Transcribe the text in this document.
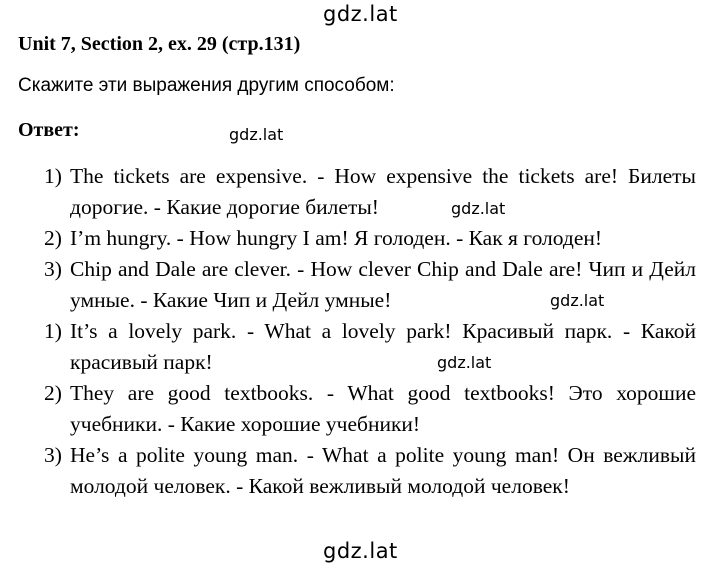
gdz.lat
Unit 7, Section 2, ex. 29 (стр.131)
Скажите эти выражения другим способом:
Ответ:	gdz.lat
1) The tickets are expensive. - How expensive the tickets are! Билеты дорогие. - Какие дорогие билеты!
2) I’m hungry. - How hungry I am! Я голоден. - Как я голоден!
3) Chip and Dale are clever. - How clever Chip and Dale are! Чип и Дейл умные. - Какие Чип и Дейл умные!
1) It’s a lovely park. - What a lovely park! Красивый парк. - Какой красивый парк!
2) They are good textbooks. - What good textbooks! Это хорошие учебники. - Какие хорошие учебники!
3) He’s a polite young man. - What a polite young man! Он вежливый молодой человек. - Какой вежливый молодой человек!
gdz.lat
gdz.lat
gdz.lat
gdz.lat
